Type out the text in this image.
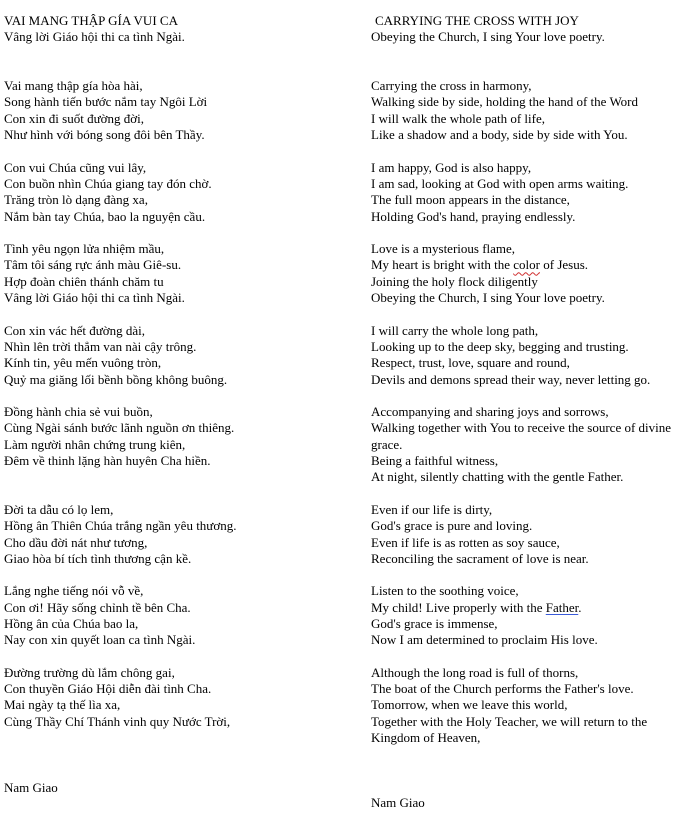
VAI MANG THẬP GÍA VUI CA
Vâng lời Giáo hội thi ca tình Ngài.
Vai mang thập gía hòa hài,
Song hành tiến bước nắm tay Ngôi Lời
Con xin đi suốt đường đời,
Như hình với bóng song đôi bên Thầy.
Con vui Chúa cũng vui lây,
Con buồn nhìn Chúa giang tay đón chờ.
Trăng tròn lò dạng đàng xa,
Nắm bàn tay Chúa, bao la nguyện cầu.
Tình yêu ngọn lửa nhiệm mầu,
Tâm tôi sáng rực ánh màu Giê-su.
Hợp đoàn chiên thánh chăm tu
Vâng lời Giáo hội thi ca tình Ngài.
Con xin vác hết đường dài,
Nhìn lên trời thẳm van nài cậy trông.
Kính tin, yêu mến vuông tròn,
Quỷ ma giăng lối bềnh bồng không buông.
Đồng hành chia sẻ vui buồn,
Cùng Ngài sánh bước lãnh nguồn ơn thiêng.
Làm người nhân chứng trung kiên,
Đêm về thinh lặng hàn huyên Cha hiền.
Đời ta dẫu có lọ lem,
Hồng ân Thiên Chúa trắng ngần yêu thương.
Cho dầu đời nát như tương,
Giao hòa bí tích tình thương cận kề.
Lắng nghe tiếng nói vỗ về,
Con ơi! Hãy sống chỉnh tề bên Cha.
Hồng ân của Chúa bao la,
Nay con xin quyết loan ca tình Ngài.
Đường trường dù lắm chông gai,
Con thuyền Giáo Hội diễn đài tình Cha.
Mai ngày tạ thế lìa xa,
Cùng Thầy Chí Thánh vinh quy Nước Trời,
Nam Giao
CARRYING THE CROSS WITH JOY
Obeying the Church, I sing Your love poetry.
Carrying the cross in harmony,
Walking side by side, holding the hand of the Word
I will walk the whole path of life,
Like a shadow and a body, side by side with You.
I am happy, God is also happy,
I am sad, looking at God with open arms waiting.
The full moon appears in the distance,
Holding God's hand, praying endlessly.
Love is a mysterious flame,
My heart is bright with the color of Jesus.
Joining the holy flock diligently
Obeying the Church, I sing Your love poetry.
I will carry the whole long path,
Looking up to the deep sky, begging and trusting.
Respect, trust, love, square and round,
Devils and demons spread their way, never letting go.
Accompanying and sharing joys and sorrows,
Walking together with You to receive the source of divine grace.
Being a faithful witness,
At night, silently chatting with the gentle Father.
Even if our life is dirty,
God's grace is pure and loving.
Even if life is as rotten as soy sauce,
Reconciling the sacrament of love is near.
Listen to the soothing voice,
My child! Live properly with the Father.
God's grace is immense,
Now I am determined to proclaim His love.
Although the long road is full of thorns,
The boat of the Church performs the Father's love.
Tomorrow, when we leave this world,
Together with the Holy Teacher, we will return to the Kingdom of Heaven,
Nam Giao
